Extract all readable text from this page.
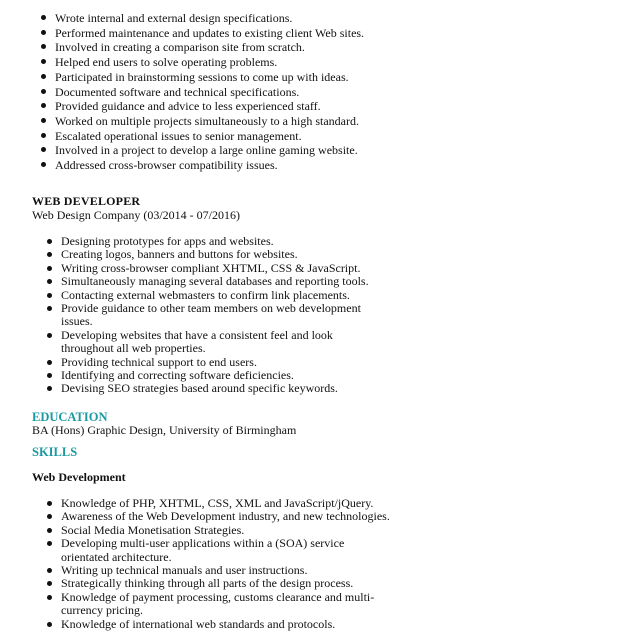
Wrote internal and external design specifications.
Performed maintenance and updates to existing client Web sites.
Involved in creating a comparison site from scratch.
Helped end users to solve operating problems.
Participated in brainstorming sessions to come up with ideas.
Documented software and technical specifications.
Provided guidance and advice to less experienced staff.
Worked on multiple projects simultaneously to a high standard.
Escalated operational issues to senior management.
Involved in a project to develop a large online gaming website.
Addressed cross-browser compatibility issues.
WEB DEVELOPER
Web Design Company (03/2014 - 07/2016)
Designing prototypes for apps and websites.
Creating logos, banners and buttons for websites.
Writing cross-browser compliant XHTML, CSS & JavaScript.
Simultaneously managing several databases and reporting tools.
Contacting external webmasters to confirm link placements.
Provide guidance to other team members on web development
issues.
Developing websites that have a consistent feel and look
throughout all web properties.
Providing technical support to end users.
Identifying and correcting software deficiencies.
Devising SEO strategies based around specific keywords.
EDUCATION
BA (Hons) Graphic Design, University of Birmingham
SKILLS
Web Development
Knowledge of PHP, XHTML, CSS, XML and JavaScript/jQuery.
Awareness of the Web Development industry, and new technologies.
Social Media Monetisation Strategies.
Developing multi-user applications within a (SOA) service
orientated architecture.
Writing up technical manuals and user instructions.
Strategically thinking through all parts of the design process.
Knowledge of payment processing, customs clearance and multi-
currency pricing.
Knowledge of international web standards and protocols.
